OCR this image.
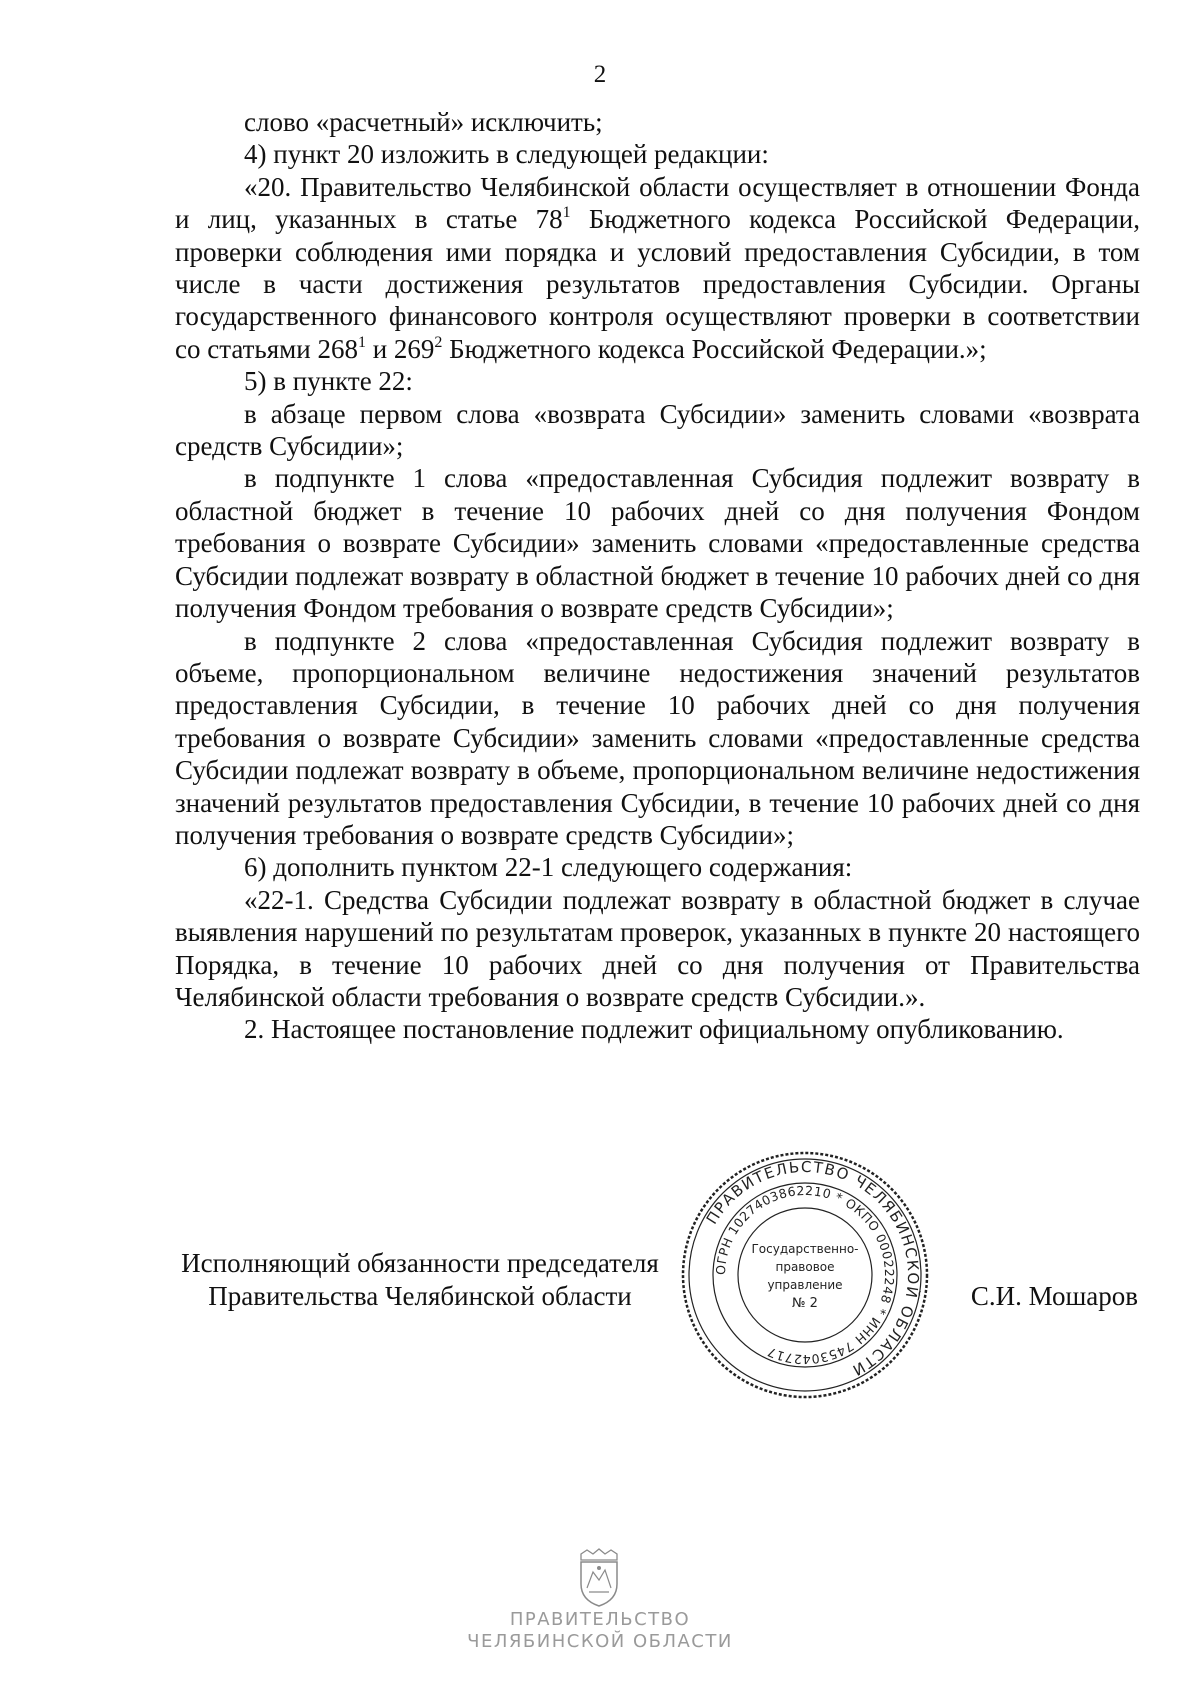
2

слово «расчетный» исключить;

4) пункт 20 изложить в следующей редакции:

«20. Правительство Челябинской области осуществляет в отношении Фонда и лиц, указанных в статье $78^1$ Бюджетного кодекса Российской Федерации, проверки соблюдения ими порядка и условий предоставления Субсидии, в том числе в части достижения результатов предоставления Субсидии. Органы государственного финансового контроля осуществляют проверки в соответствии со статьями $268^1$ и $269^2$ Бюджетного кодекса Российской Федерации.»;

5) в пункте 22:

в абзаце первом слова «возврата Субсидии» заменить словами «возврата средств Субсидии»;

в подпункте 1 слова «предоставленная Субсидия подлежит возврату в областной бюджет в течение 10 рабочих дней со дня получения Фондом требования о возврате Субсидии» заменить словами «предоставленные средства Субсидии подлежат возврату в областной бюджет в течение 10 рабочих дней со дня получения Фондом требования о возврате средств Субсидии»;

в подпункте 2 слова «предоставленная Субсидия подлежит возврату в объеме, пропорциональном величине недостижения значений результатов предоставления Субсидии, в течение 10 рабочих дней со дня получения требования о возврате Субсидии» заменить словами «предоставленные средства Субсидии подлежат возврату в объеме, пропорциональном величине недостижения значений результатов предоставления Субсидии, в течение 10 рабочих дней со дня получения требования о возврате средств Субсидии»;

6) дополнить пунктом 22-1 следующего содержания:

«22-1. Средства Субсидии подлежат возврату в областной бюджет в случае выявления нарушений по результатам проверок, указанных в пункте 20 настоящего Порядка, в течение 10 рабочих дней со дня получения от Правительства Челябинской области требования о возврате средств Субсидии.».

2. Настоящее постановление подлежит официальному опубликованию.

Исполняющий обязанности председателя
Правительства Челябинской области	С.И. Мошаров
ПРАВИТЕЛЬСТВО ЧЕЛЯБИНСКОЙ ОБЛАСТИ
ОГРН 1027403862210 * ОКПО 00022248 * ИНН 7453042717
Государственно-
правовое
управление
№ 2
ПРАВИТЕЛЬСТВО
ЧЕЛЯБИНСКОЙ ОБЛАСТИ
